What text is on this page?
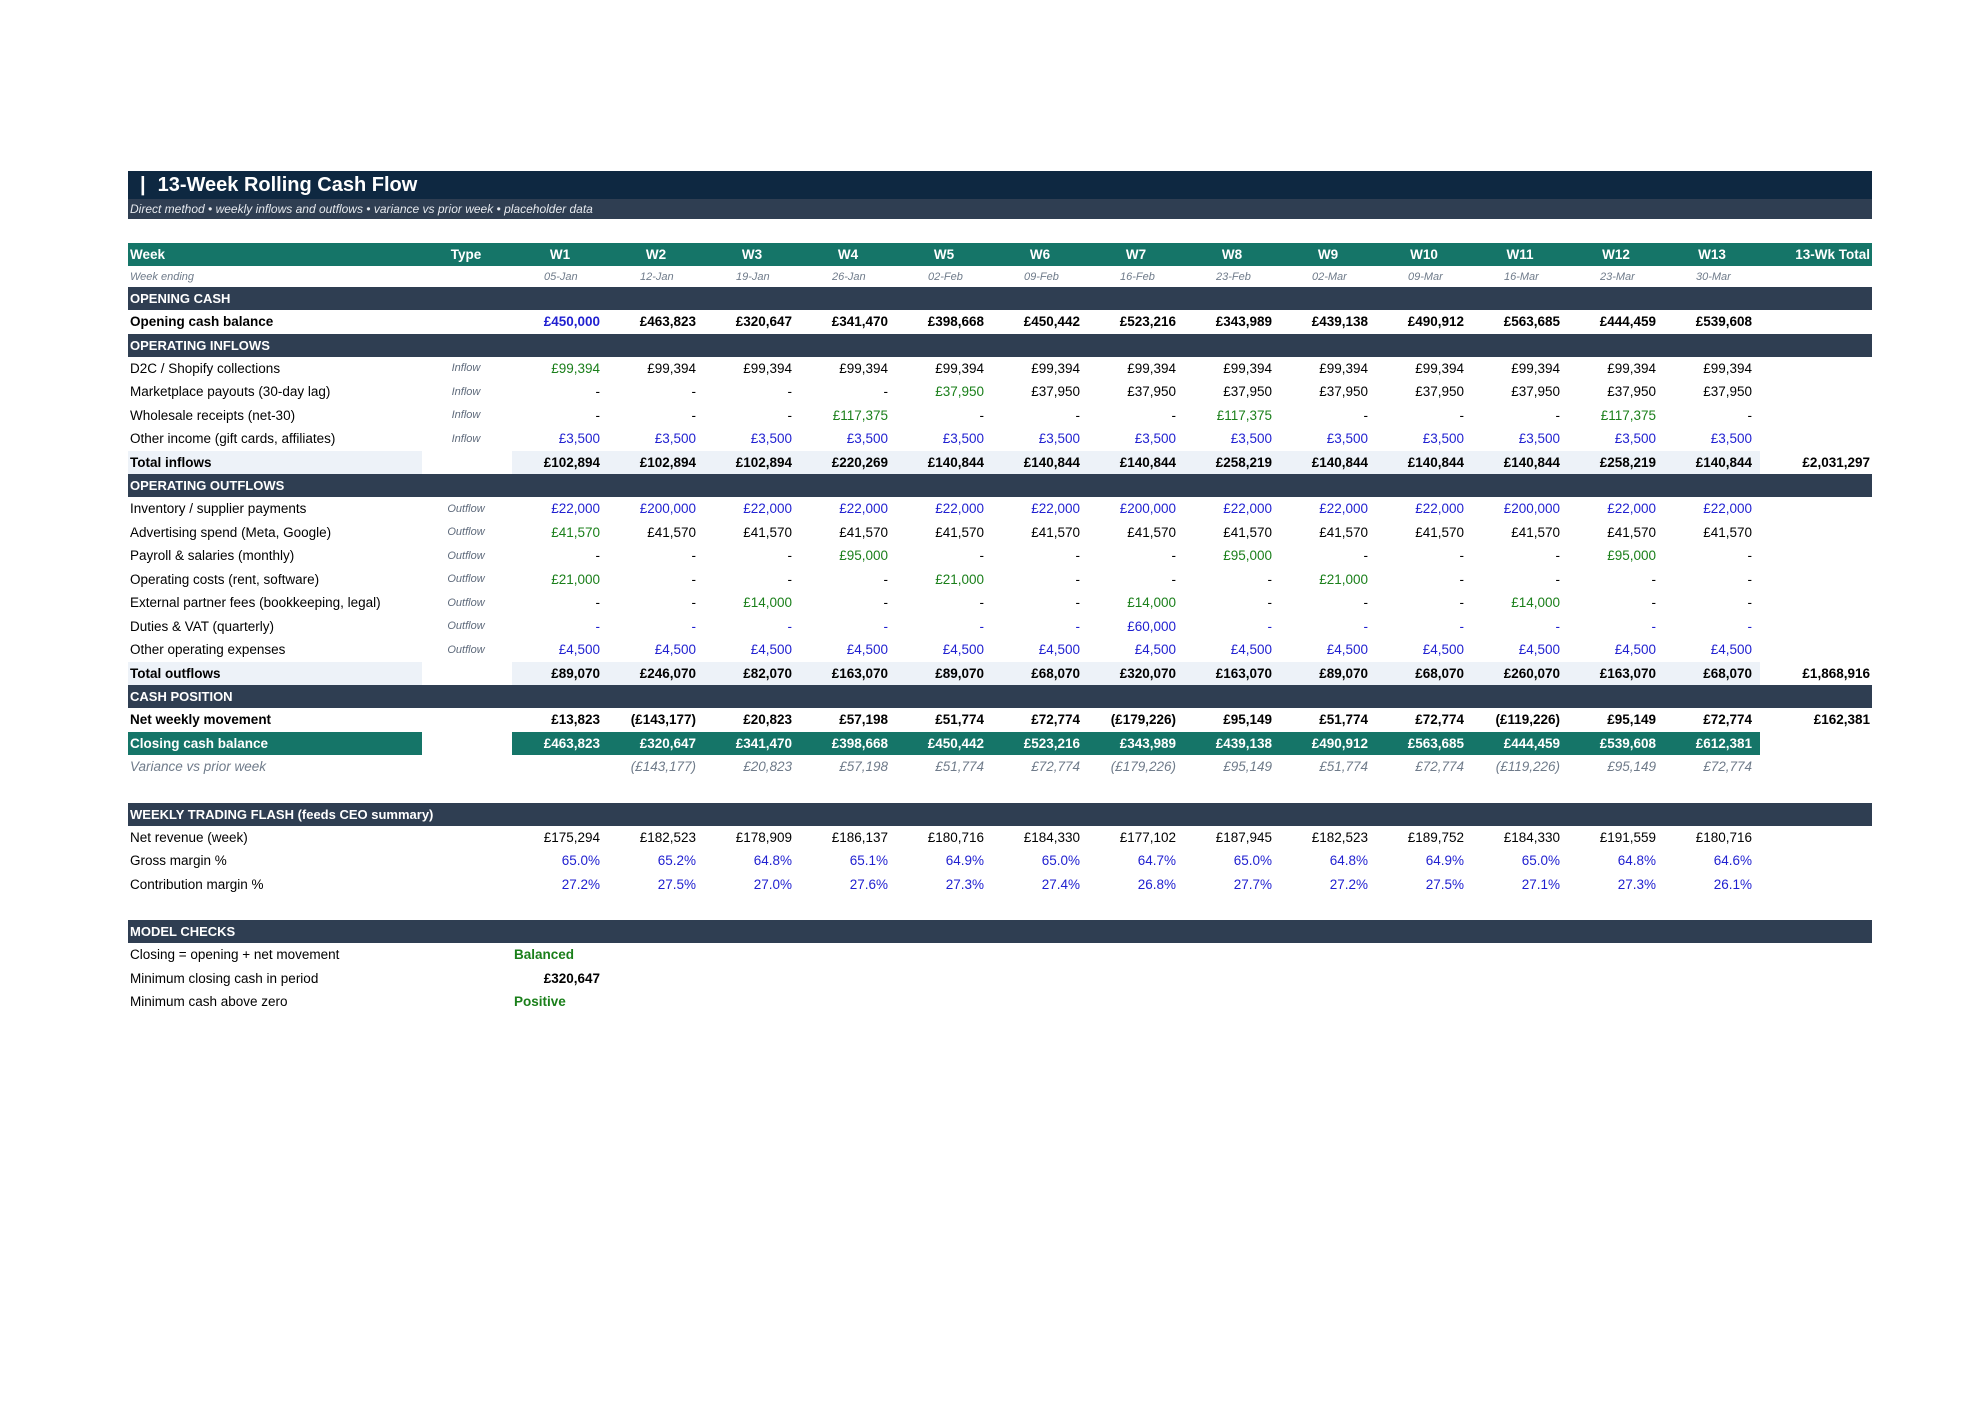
| 13-Week Rolling Cash Flow
Direct method • weekly inflows and outflows • variance vs prior week • placeholder data
Week	Type		W1	W2	W3	W4	W5	W6	W7	W8	W9	W10	W11	W12	W13	13-Wk Total
Week ending			05-Jan	12-Jan	19-Jan	26-Jan	02-Feb	09-Feb	16-Feb	23-Feb	02-Mar	09-Mar	16-Mar	23-Mar	30-Mar	
OPENING CASH																
Opening cash balance			£450,000	£463,823	£320,647	£341,470	£398,668	£450,442	£523,216	£343,989	£439,138	£490,912	£563,685	£444,459	£539,608	
OPERATING INFLOWS																
D2C / Shopify collections	Inflow		£99,394	£99,394	£99,394	£99,394	£99,394	£99,394	£99,394	£99,394	£99,394	£99,394	£99,394	£99,394	£99,394	
Marketplace payouts (30-day lag)	Inflow		-	-	-	-	£37,950	£37,950	£37,950	£37,950	£37,950	£37,950	£37,950	£37,950	£37,950	
Wholesale receipts (net-30)	Inflow		-	-	-	£117,375	-	-	-	£117,375	-	-	-	£117,375	-	
Other income (gift cards, affiliates)	Inflow		£3,500	£3,500	£3,500	£3,500	£3,500	£3,500	£3,500	£3,500	£3,500	£3,500	£3,500	£3,500	£3,500	
Total inflows			£102,894	£102,894	£102,894	£220,269	£140,844	£140,844	£140,844	£258,219	£140,844	£140,844	£140,844	£258,219	£140,844	£2,031,297
OPERATING OUTFLOWS																
Inventory / supplier payments	Outflow		£22,000	£200,000	£22,000	£22,000	£22,000	£22,000	£200,000	£22,000	£22,000	£22,000	£200,000	£22,000	£22,000	
Advertising spend (Meta, Google)	Outflow		£41,570	£41,570	£41,570	£41,570	£41,570	£41,570	£41,570	£41,570	£41,570	£41,570	£41,570	£41,570	£41,570	
Payroll & salaries (monthly)	Outflow		-	-	-	£95,000	-	-	-	£95,000	-	-	-	£95,000	-	
Operating costs (rent, software)	Outflow		£21,000	-	-	-	£21,000	-	-	-	£21,000	-	-	-	-	
External partner fees (bookkeeping, legal)	Outflow		-	-	£14,000	-	-	-	£14,000	-	-	-	£14,000	-	-	
Duties & VAT (quarterly)	Outflow		-	-	-	-	-	-	£60,000	-	-	-	-	-	-	
Other operating expenses	Outflow		£4,500	£4,500	£4,500	£4,500	£4,500	£4,500	£4,500	£4,500	£4,500	£4,500	£4,500	£4,500	£4,500	
Total outflows			£89,070	£246,070	£82,070	£163,070	£89,070	£68,070	£320,070	£163,070	£89,070	£68,070	£260,070	£163,070	£68,070	£1,868,916
CASH POSITION																
Net weekly movement			£13,823	(£143,177)	£20,823	£57,198	£51,774	£72,774	(£179,226)	£95,149	£51,774	£72,774	(£119,226)	£95,149	£72,774	£162,381
Closing cash balance			£463,823	£320,647	£341,470	£398,668	£450,442	£523,216	£343,989	£439,138	£490,912	£563,685	£444,459	£539,608	£612,381	
Variance vs prior week				(£143,177)	£20,823	£57,198	£51,774	£72,774	(£179,226)	£95,149	£51,774	£72,774	(£119,226)	£95,149	£72,774	

WEEKLY TRADING FLASH (feeds CEO summary)																
Net revenue (week)			£175,294	£182,523	£178,909	£186,137	£180,716	£184,330	£177,102	£187,945	£182,523	£189,752	£184,330	£191,559	£180,716	
Gross margin %			65.0%	65.2%	64.8%	65.1%	64.9%	65.0%	64.7%	65.0%	64.8%	64.9%	65.0%	64.8%	64.6%	
Contribution margin %			27.2%	27.5%	27.0%	27.6%	27.3%	27.4%	26.8%	27.7%	27.2%	27.5%	27.1%	27.3%	26.1%	

MODEL CHECKS																
Closing = opening + net movement			Balanced													
Minimum closing cash in period			£320,647													
Minimum cash above zero			Positive													
